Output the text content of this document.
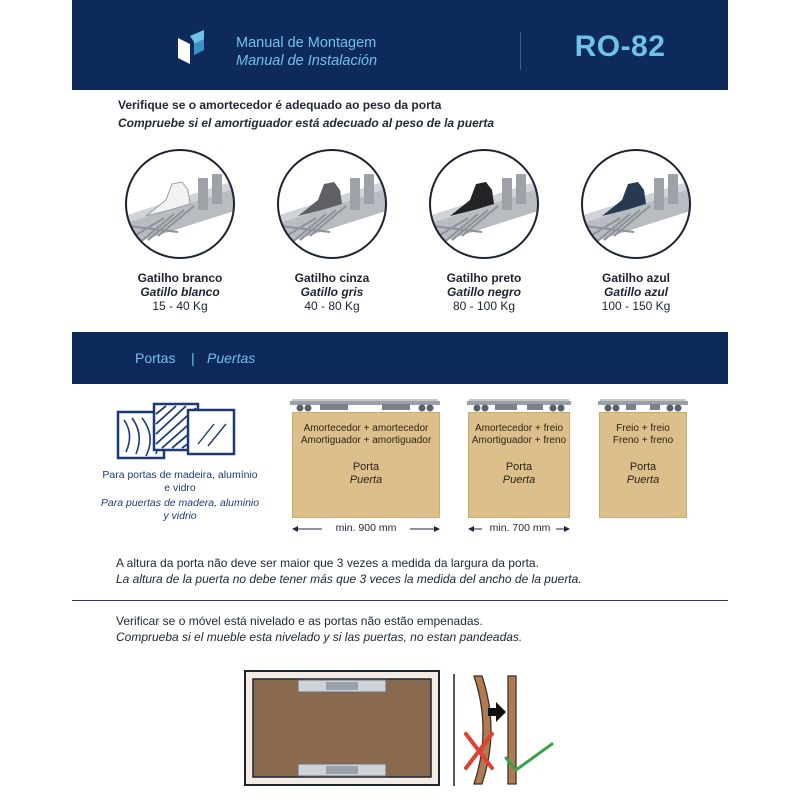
Manual de Montagem
Manual de Instalación	RO-82
Verifique se o amortecedor é adequado ao peso da porta
Compruebe si el amortiguador está adecuado al peso de la puerta
Gatilho branco
Gatillo blanco
15 - 40 Kg
Gatilho cinza
Gatillo gris
40 - 80 Kg
Gatilho preto
Gatillo negro
80 - 100 Kg
Gatilho azul
Gatillo azul
100 - 150 Kg
Portas | Puertas
Para portas de madeira, alumínio e vidro
Para puertas de madera, aluminio y vidrio
Amortecedor + amortecedor
Amortiguador + amortiguador
Porta
Puerta
min. 900 mm
Amortecedor + freio
Amortiguador + freno
Porta
Puerta
min. 700 mm
Freio + freio
Freno + freno
Porta
Puerta
A altura da porta não deve ser maior que 3 vezes a medida da largura da porta.
La altura de la puerta no debe tener más que 3 veces la medida del ancho de la puerta.
Verificar se o móvel está nivelado e as portas não estão empenadas.
Comprueba si el mueble esta nivelado y si las puertas, no estan pandeadas.
